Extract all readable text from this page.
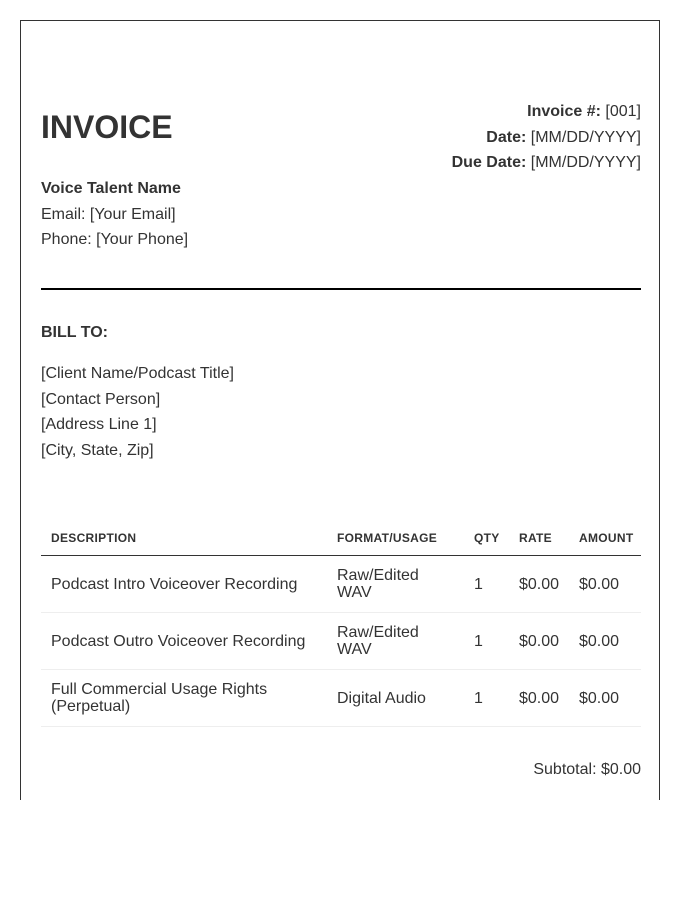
INVOICE	Invoice #: [001]
Date: [MM/DD/YYYY]
Due Date: [MM/DD/YYYY]
Voice Talent Name
Email: [Your Email]
Phone: [Your Phone]
BILL TO:
[Client Name/Podcast Title]
[Contact Person]
[Address Line 1]
[City, State, Zip]
DESCRIPTION	FORMAT/USAGE	QTY	RATE	AMOUNT
Podcast Intro Voiceover Recording	Raw/Edited WAV	1	$0.00	$0.00
Podcast Outro Voiceover Recording	Raw/Edited WAV	1	$0.00	$0.00
Full Commercial Usage Rights (Perpetual)	Digital Audio	1	$0.00	$0.00
Subtotal: $0.00
